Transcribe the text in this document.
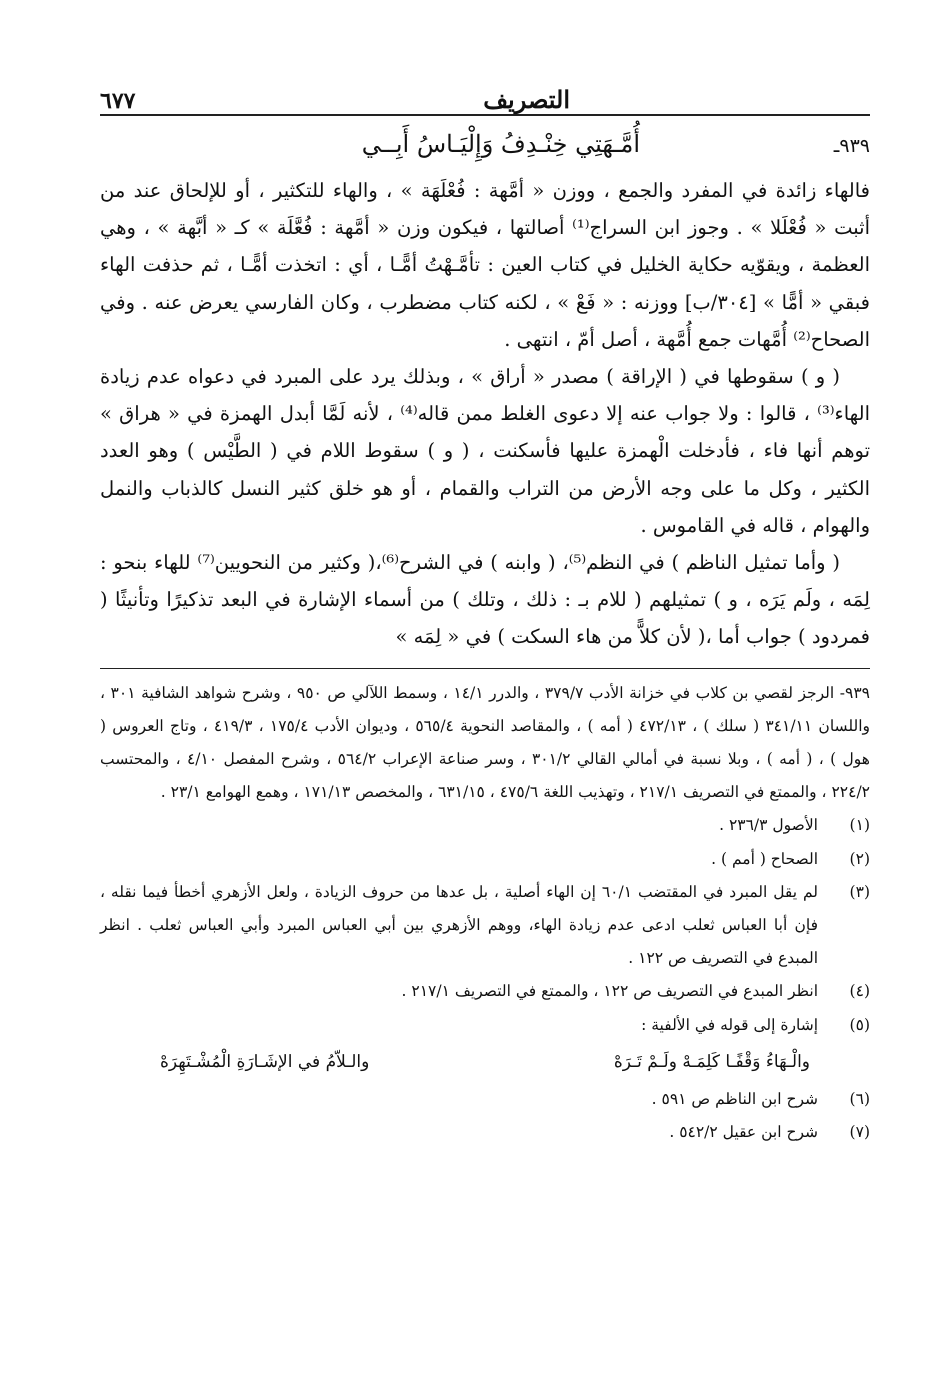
التصريف
٦٧٧
٩٣٩ـ
أُمَّـهَتِي خِنْـدِفُ وَإِلْيَـاسُ أَبِــي

فالهاء زائدة في المفرد والجمع ، ووزن « أمَّهة : فُعْلَهَة » ، والهاء للتكثير ، أو للإلحاق عند من أثبت « فُعْلَلا » . وجوز ابن السراج⁽¹⁾ أصالتها ، فيكون وزن « أمَّهة : فُعَّلَة » كـ « أبَّهة » ، وهي العظمة ، ويقوّيه حكاية الخليل في كتاب العين : تأمَّـهْتُ أمًّـا ، أي : اتخذت أمًّـا ، ثم حذفت الهاء فبقي « أمًّا » [٣٠٤/ب] ووزنه : « فَعْ » ، لكنه كتاب مضطرب ، وكان الفارسي يعرض عنه . وفي الصحاح⁽²⁾ أُمَّهات جمع أُمَّهة ، أصل أمّ ، انتهى .

( و ) سقوطها في ( الإراقة ) مصدر « أراق » ، وبذلك يرد على المبرد في دعواه عدم زيادة الهاء⁽³⁾ ، قالوا : ولا جواب عنه إلا دعوى الغلط ممن قاله⁽⁴⁾ ، لأنه لَمَّا أبدل الهمزة في « هراق » توهم أنها فاء ، فأدخلت الْهمزة عليها فأسكنت ، ( و ) سقوط اللام في ( الطَّيْس ) وهو العدد الكثير ، وكل ما على وجه الأرض من التراب والقمام ، أو هو خلق كثير النسل كالذباب والنمل والهوام ، قاله في القاموس .

( وأما تمثيل الناظم ) في النظم⁽⁵⁾، ( وابنه ) في الشرح⁽⁶⁾،( وكثير من النحويين⁽⁷⁾ للهاء بنحو : لِمَه ، ولَم يَرَه ، و ) تمثيلهم ( للام بـ : ذلك ، وتلك ) من أسماء الإشارة في البعد تذكيرًا وتأنيثًا ( فمردود ) جواب أما ،( لأن كلاًّ من هاء السكت ) في « لِمَه »

٩٣٩- الرجز لقصي بن كلاب في خزانة الأدب ٣٧٩/٧ ، والدرر ١٤/١ ، وسمط اللآلي ص ٩٥٠ ، وشرح شواهد الشافية ٣٠١ ، واللسان ٣٤١/١١ ( سلك ) ، ٤٧٢/١٣ ( أمه ) ، والمقاصد النحوية ٥٦٥/٤ ، وديوان الأدب ١٧٥/٤ ، ٤١٩/٣ ، وتاج العروس ( هول ) ، ( أمه ) ، وبلا نسبة في أمالي القالي ٣٠١/٢ ، وسر صناعة الإعراب ٥٦٤/٢ ، وشرح المفصل ٤/١٠ ، والمحتسب ٢٢٤/٢ ، والممتع في التصريف ٢١٧/١ ، وتهذيب اللغة ٤٧٥/٦ ، ٦٣١/١٥ ، والمخصص ١٧١/١٣ ، وهمع الهوامع ٢٣/١ .

(١)
الأصول ٢٣٦/٣ .
(٢)
الصحاح ( أمم ) .
(٣)
لم يقل المبرد في المقتضب ٦٠/١ إن الهاء أصلية ، بل عدها من حروف الزيادة ، ولعل الأزهري أخطأ فيما نقله ، فإن أبا العباس ثعلب ادعى عدم زيادة الهاء، ووهم الأزهري بين أبي العباس المبرد وأبي العباس ثعلب . انظر المبدع في التصريف ص ١٢٢ .
(٤)
انظر المبدع في التصريف ص ١٢٢ ، والممتع في التصريف ٢١٧/١ .
(٥)
إشارة إلى قوله في الألفية :
والْـهَاءُ وَقْفًـا كَلِمَـهْ ولَـمْ تَـرَهْ
والـلاّمُ في الإشَـارَةِ الْمُشْـتَهِرَهْ
(٦)
شرح ابن الناظم ص ٥٩١ .
(٧)
شرح ابن عقيل ٥٤٢/٢ .
